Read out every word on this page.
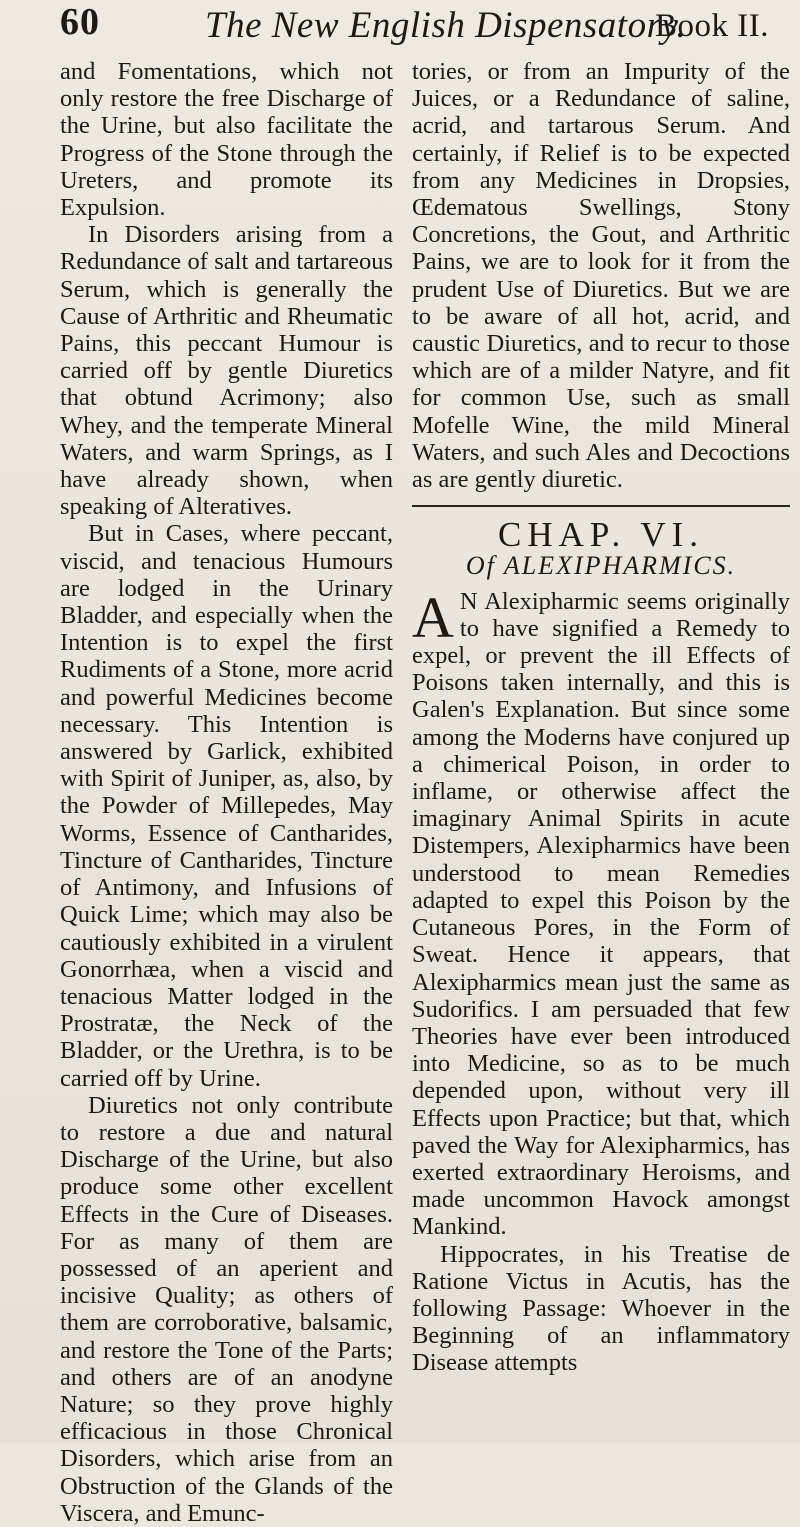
60	The New English Dispensatory.
Book II.

and Fomentations, which not only restore the free Discharge of the Urine, but also facilitate the Progress of the Stone through the Ureters, and promote its Expulsion.

In Disorders arising from a Redundance of salt and tartareous Serum, which is generally the Cause of Arthritic and Rheumatic Pains, this peccant Humour is carried off by gentle Diuretics that obtund Acrimony; also Whey, and the temperate Mineral Waters, and warm Springs, as I have already shown, when speaking of Alteratives.

But in Cases, where peccant, viscid, and tenacious Humours are lodged in the Urinary Bladder, and especially when the Intention is to expel the first Rudiments of a Stone, more acrid and powerful Medicines become necessary. This Intention is answered by Garlick, exhibited with Spirit of Juniper, as, also, by the Powder of Millepedes, May Worms, Essence of Cantharides, Tincture of Cantharides, Tincture of Antimony, and Infusions of Quick Lime; which may also be cautiously exhibited in a virulent Gonorrhæa, when a viscid and tenacious Matter lodged in the Prostratæ, the Neck of the Bladder, or the Urethra, is to be carried off by Urine.

Diuretics not only contribute to restore a due and natural Discharge of the Urine, but also produce some other excellent Effects in the Cure of Diseases. For as many of them are possessed of an aperient and incisive Quality; as others of them are corroborative, balsamic, and restore the Tone of the Parts; and others are of an anodyne Nature; so they prove highly efficacious in those Chronical Disorders, which arise from an Obstruction of the Glands of the Viscera, and Emunc-

tories, or from an Impurity of the Juices, or a Redundance of saline, acrid, and tartarous Serum. And certainly, if Relief is to be expected from any Medicines in Dropsies, Œdematous Swellings, Stony Concretions, the Gout, and Arthritic Pains, we are to look for it from the prudent Use of Diuretics. But we are to be aware of all hot, acrid, and caustic Diuretics, and to recur to those which are of a milder Natyre, and fit for common Use, such as small Mofelle Wine, the mild Mineral Waters, and such Ales and Decoctions as are gently diuretic.

CHAP. VI.
Of ALEXIPHARMICS.

A N Alexipharmic seems originally to have signified a Remedy to expel, or prevent the ill Effects of Poisons taken internally, and this is Galen's Explanation. But since some among the Moderns have conjured up a chimerical Poison, in order to inflame, or otherwise affect the imaginary Animal Spirits in acute Distempers, Alexipharmics have been understood to mean Remedies adapted to expel this Poison by the Cutaneous Pores, in the Form of Sweat. Hence it appears, that Alexipharmics mean just the same as Sudorifics. I am persuaded that few Theories have ever been introduced into Medicine, so as to be much depended upon, without very ill Effects upon Practice; but that, which paved the Way for Alexipharmics, has exerted extraordinary Heroisms, and made uncommon Havock amongst Mankind.

Hippocrates, in his Treatise de Ratione Victus in Acutis, has the following Passage: Whoever in the Beginning of an inflammatory Disease attempts
